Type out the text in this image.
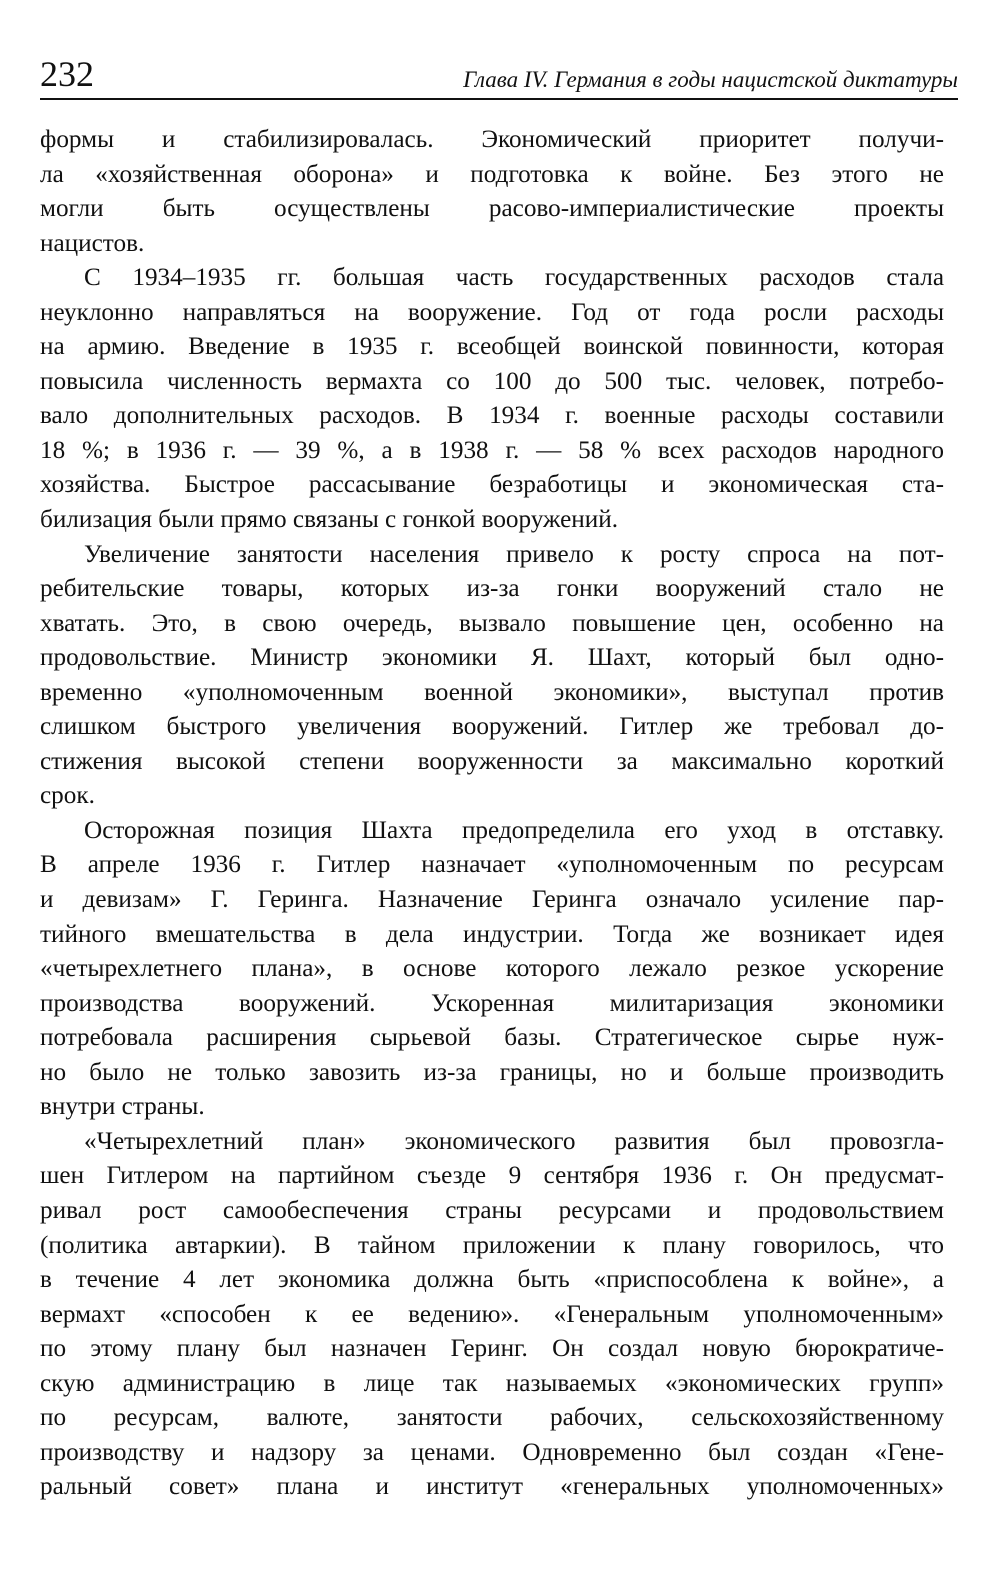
232	Глава IV. Германия в годы нацистской диктатуры
формы и стабилизировалась. Экономический приоритет получи-
ла «хозяйственная оборона» и подготовка к войне. Без этого не
могли быть осуществлены расово-империалистические проекты
нацистов.
С 1934–1935 гг. большая часть государственных расходов стала
неуклонно направляться на вооружение. Год от года росли расходы
на армию. Введение в 1935 г. всеобщей воинской повинности, которая
повысила численность вермахта со 100 до 500 тыс. человек, потребо-
вало дополнительных расходов. В 1934 г. военные расходы составили
18 %; в 1936 г. — 39 %, а в 1938 г. — 58 % всех расходов народного
хозяйства. Быстрое рассасывание безработицы и экономическая ста-
билизация были прямо связаны с гонкой вооружений.
Увеличение занятости населения привело к росту спроса на пот-
ребительские товары, которых из-за гонки вооружений стало не
хватать. Это, в свою очередь, вызвало повышение цен, особенно на
продовольствие. Министр экономики Я. Шахт, который был одно-
временно «уполномоченным военной экономики», выступал против
слишком быстрого увеличения вооружений. Гитлер же требовал до-
стижения высокой степени вооруженности за максимально короткий
срок.
Осторожная позиция Шахта предопределила его уход в отставку.
В апреле 1936 г. Гитлер назначает «уполномоченным по ресурсам
и девизам» Г. Геринга. Назначение Геринга означало усиление пар-
тийного вмешательства в дела индустрии. Тогда же возникает идея
«четырехлетнего плана», в основе которого лежало резкое ускорение
производства вооружений. Ускоренная милитаризация экономики
потребовала расширения сырьевой базы. Стратегическое сырье нуж-
но было не только завозить из-за границы, но и больше производить
внутри страны.
«Четырехлетний план» экономического развития был провозгла-
шен Гитлером на партийном съезде 9 сентября 1936 г. Он предусмат-
ривал рост самообеспечения страны ресурсами и продовольствием
(политика автаркии). В тайном приложении к плану говорилось, что
в течение 4 лет экономика должна быть «приспособлена к войне», а
вермахт «способен к ее ведению». «Генеральным уполномоченным»
по этому плану был назначен Геринг. Он создал новую бюрократиче-
скую администрацию в лице так называемых «экономических групп»
по ресурсам, валюте, занятости рабочих, сельскохозяйственному
производству и надзору за ценами. Одновременно был создан «Гене-
ральный совет» плана и институт «генеральных уполномоченных»
